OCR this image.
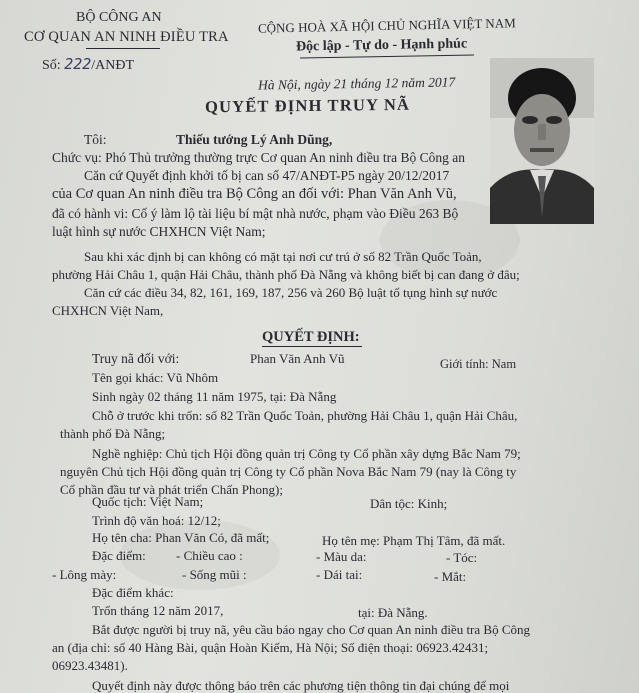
BỘ CÔNG AN
CƠ QUAN AN NINH ĐIỀU TRA
Số: 222/ANĐT
CỘNG HOÀ XÃ HỘI CHỦ NGHĨA VIỆT NAM
Độc lập - Tự do - Hạnh phúc
Hà Nội, ngày 21 tháng 12 năm 2017
QUYẾT ĐỊNH TRUY NÃ
Tôi:	Thiếu tướng Lý Anh Dũng,
Chức vụ: Phó Thủ trưởng thường trực Cơ quan An ninh điều tra Bộ Công an
Căn cứ Quyết định khởi tố bị can số 47/ANĐT-P5 ngày 20/12/2017
của Cơ quan An ninh điều tra Bộ Công an đối với: Phan Văn Anh Vũ,
đã có hành vi: Cố ý làm lộ tài liệu bí mật nhà nước, phạm vào Điều 263 Bộ
luật hình sự nước CHXHCN Việt Nam;
Sau khi xác định bị can không có mặt tại nơi cư trú ở số 82 Trần Quốc Toản,
phường Hải Châu 1, quận Hải Châu, thành phố Đà Nẵng và không biết bị can đang ở đâu;
Căn cứ các điều 34, 82, 161, 169, 187, 256 và 260 Bộ luật tố tụng hình sự nước
CHXHCN Việt Nam,
QUYẾT ĐỊNH:
Truy nã đối với:	Phan Văn Anh Vũ	Giới tính: Nam
Tên gọi khác: Vũ Nhôm
Sinh ngày 02 tháng 11 năm 1975, tại: Đà Nẵng
Chỗ ở trước khi trốn: số 82 Trần Quốc Toản, phường Hải Châu 1, quận Hải Châu,
thành phố Đà Nẵng;
Nghề nghiệp: Chủ tịch Hội đồng quản trị Công ty Cổ phần xây dựng Bắc Nam 79;
nguyên Chủ tịch Hội đồng quản trị Công ty Cổ phần Nova Bắc Nam 79 (nay là Công ty
Cổ phần đầu tư và phát triển Chấn Phong);
Quốc tịch: Việt Nam;	Dân tộc: Kinh;
Trình độ văn hoá: 12/12;
Họ tên cha: Phan Văn Có, đã mất;	Họ tên mẹ: Phạm Thị Tâm, đã mất.
Đặc điểm: - Chiều cao :	- Màu da:	- Tóc:
- Lông mày:	- Sống mũi :	- Dái tai:	- Mắt:
Đặc điểm khác:
Trốn tháng 12 năm 2017,	tại: Đà Nẵng.
Bắt được người bị truy nã, yêu cầu báo ngay cho Cơ quan An ninh điều tra Bộ Công
an (địa chỉ: số 40 Hàng Bài, quận Hoàn Kiếm, Hà Nội; Số điện thoại: 06923.42431;
06923.43481).
Quyết định này được thông báo trên các phương tiện thông tin đại chúng để mọi
